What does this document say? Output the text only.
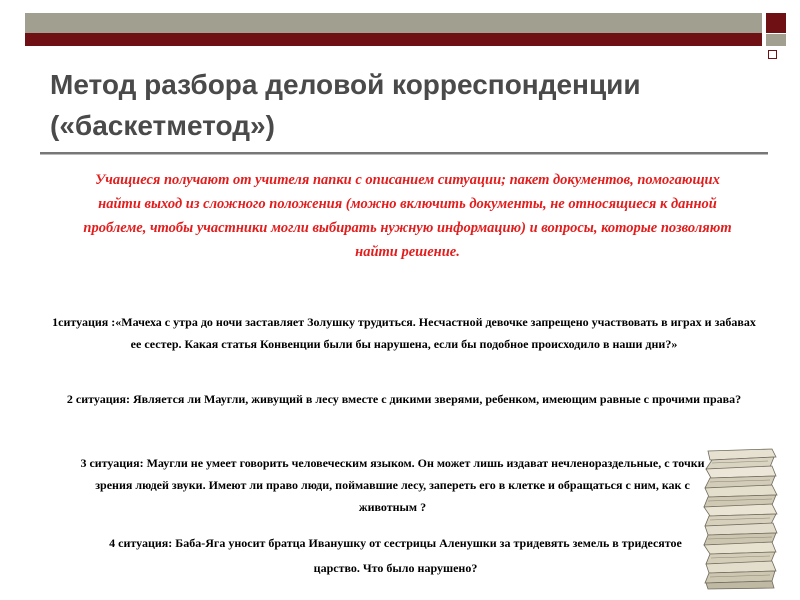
Метод разбора деловой корреспонденции («баскетметод»)
Учащиеся получают от учителя папки с описанием ситуации; пакет документов, помогающих найти выход из сложного положения (можно включить документы, не относящиеся к данной проблеме, чтобы участники могли выбирать нужную информацию) и вопросы, которые позволяют найти решение.
1ситуация :«Мачеха с утра до ночи заставляет Золушку трудиться. Несчастной девочке запрещено участвовать в играх и забавах ее сестер. Какая статья Конвенции были бы нарушена, если бы подобное происходило в наши дни?»
2 ситуация: Является ли Маугли, живущий в лесу вместе с дикими зверями, ребенком, имеющим равные с прочими права?
3 ситуация: Маугли не умеет говорить человеческим языком. Он может лишь издават нечленораздельные, с точки зрения людей звуки. Имеют ли право люди, поймавшие лесу, запереть его в клетке и обращаться с ним, как с животным ?
4 ситуация: Баба-Яга уносит братца Иванушку от сестрицы Аленушки за тридевять земель в тридесятое царство. Что было нарушено?
